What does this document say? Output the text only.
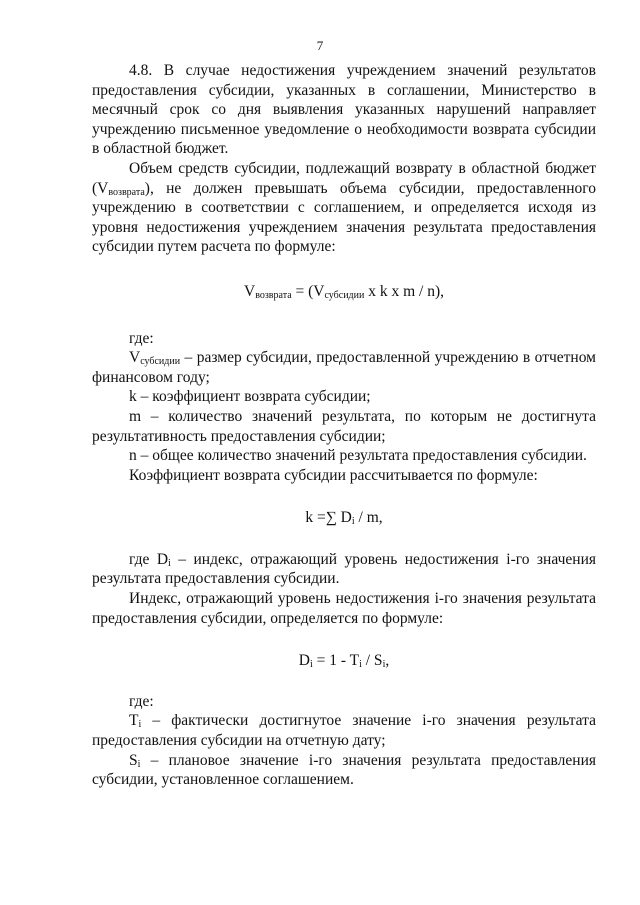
7

4.8. В случае недостижения учреждением значений результатов предоставления субсидии, указанных в соглашении, Министерство в месячный срок со дня выявления указанных нарушений направляет учреждению письменное уведомление о необходимости возврата субсидии в областной бюджет.

Объем средств субсидии, подлежащий возврату в областной бюджет $(V_{возврата})$, не должен превышать объема субсидии, предоставленного учреждению в соответствии с соглашением, и определяется исходя из уровня недостижения учреждением значения результата предоставления субсидии путем расчета по формуле:

$V_{возврата} = (V_{субсидии}$ x k x m / n),

где:

$V_{субсидии}$ – размер субсидии, предоставленной учреждению в отчетном финансовом году;

k – коэффициент возврата субсидии;

m – количество значений результата, по которым не достигнута результативность предоставления субсидии;

n – общее количество значений результата предоставления субсидии.

Коэффициент возврата субсидии рассчитывается по формуле:

k =∑ $D_i$ / m,

где $D_i$ – индекс, отражающий уровень недостижения i-го значения результата предоставления субсидии.

Индекс, отражающий уровень недостижения i-го значения результата предоставления субсидии, определяется по формуле:

$D_i = 1 - T_i / S_i$,

где:

$T_i$ – фактически достигнутое значение i-го значения результата предоставления субсидии на отчетную дату;

$S_i$ – плановое значение i-го значения результата предоставления субсидии, установленное соглашением.
